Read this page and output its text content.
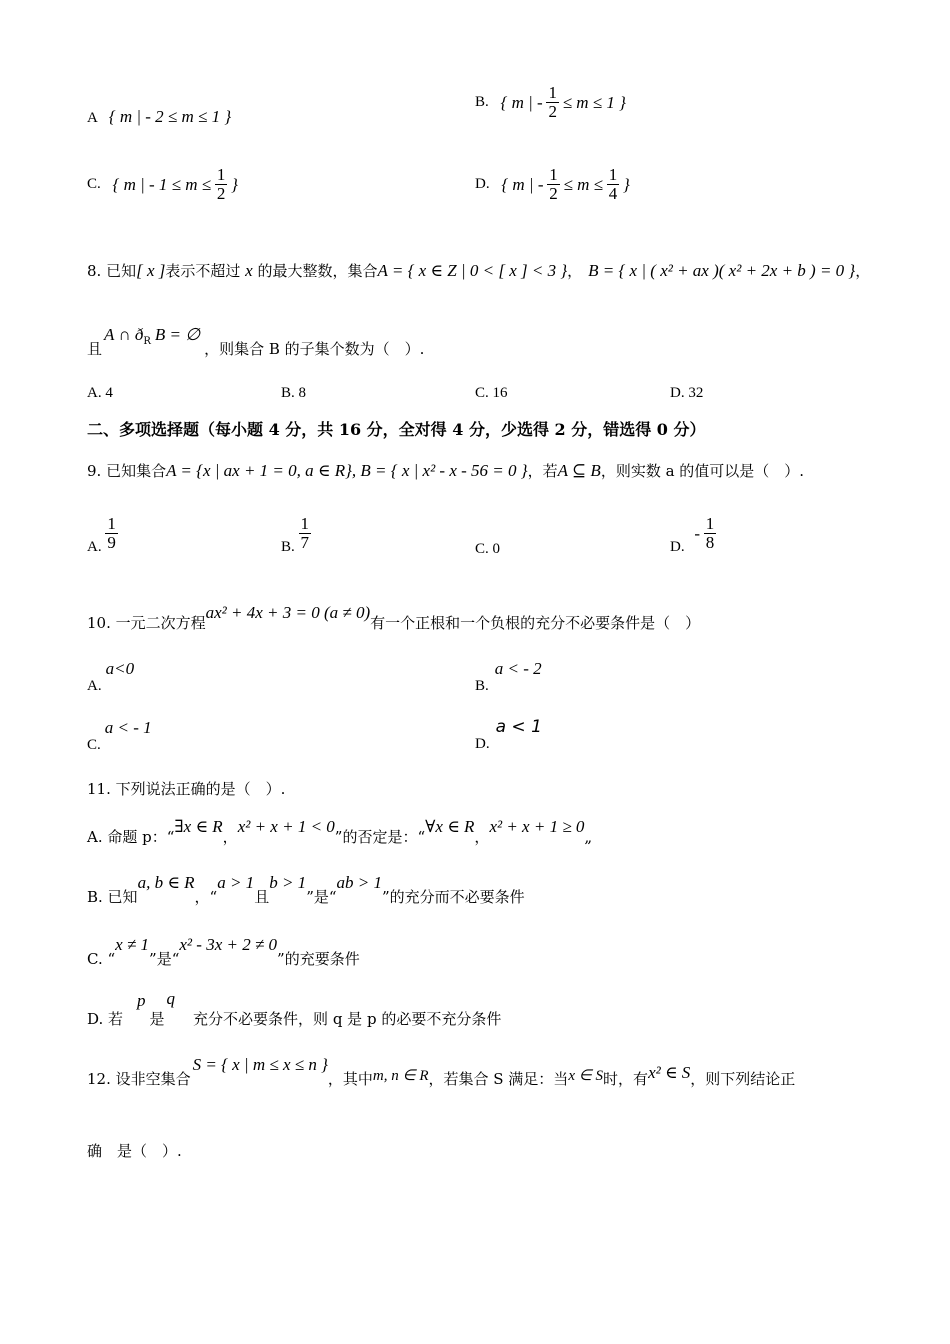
A { m | - 2 ≤ m ≤ 1 }
B. { m | - $\frac{1}{2} \le m \le 1$ }
C. { m | - $1 \le m \le \frac{1}{2}$ }	D. { m | - $\frac{1}{2} \le m \le \frac{1}{4}$ }
8. 已知[ x ]表示不超过 x 的最大整数，集合A = { x ∈ Z | 0 < [ x ] < 3 }， B = { x | ( x² + ax )( x² + 2x + b ) = 0 }，
且A ∩ $ð_R$ B = ∅，则集合 B 的子集个数为（　）.
A. 4	B. 8	C. 16	D. 32
二、多项选择题（每小题 4 分，共 16 分，全对得 4 分，少选得 2 分，错选得 0 分）
9. 已知集合A = {x | ax + 1 = 0, a ∈ R}, B = { x | x² - x - 56 = 0 }，若A ⊆ B，则实数 a 的值可以是（　）.
A. $\frac{1}{9}$	B. $\frac{1}{7}$	C. 0	D. - $\frac{1}{8}$
10. 一元二次方程ax² + 4x + 3 = 0 (a ≠ 0)有一个正根和一个负根的充分不必要条件是（　）
A.a<0
B.a < - 2
C.a < - 1
D.a < 1
11. 下列说法正确的是（　）.
A. 命题 p：“∃x ∈ R，x² + x + 1 < 0”的否定是：“∀x ∈ R，x² + x + 1 ≥ 0„
B. 已知a, b ∈ R，“a > 1且b > 1”是“ab > 1”的充分而不必要条件
C. “x ≠ 1”是“x² - 3x + 2 ≠ 0”的充要条件
D. 若p是q充分不必要条件，则 q 是 p 的必要不充分条件
12. 设非空集合S = { x | m ≤ x ≤ n }，其中m, n ∈ R，若集合 S 满足：当x ∈ S时，有x² ∈ S，则下列结论正
确　是（　）.
